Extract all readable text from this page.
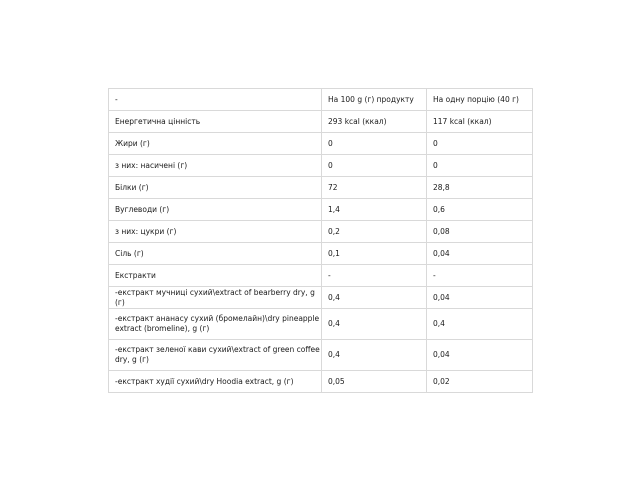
-	На 100 g (г) продукту	На одну порцію (40 г)
Енергетична цінність	293 kcal (ккал)	117 kcal (ккал)
Жири (г)	0	0
з них: насичені (г)	0	0
Білки (г)	72	28,8
Вуглеводи (г)	1,4	0,6
з них: цукри (г)	0,2	0,08
Сіль (г)	0,1	0,04
Екстракти	-	-
-екстракт мучниці сухий\extract of bearberry dry, g (г)	0,4	0,04
-екстракт ананасу сухий (бромелайн)\dry pineapple extract (bromeline), g (г)	0,4	0,4
-екстракт зеленої кави сухий\extract of green coffee dry, g (г)	0,4	0,04
-екстракт худії сухий\dry Hoodia extract, g (г)	0,05	0,02
